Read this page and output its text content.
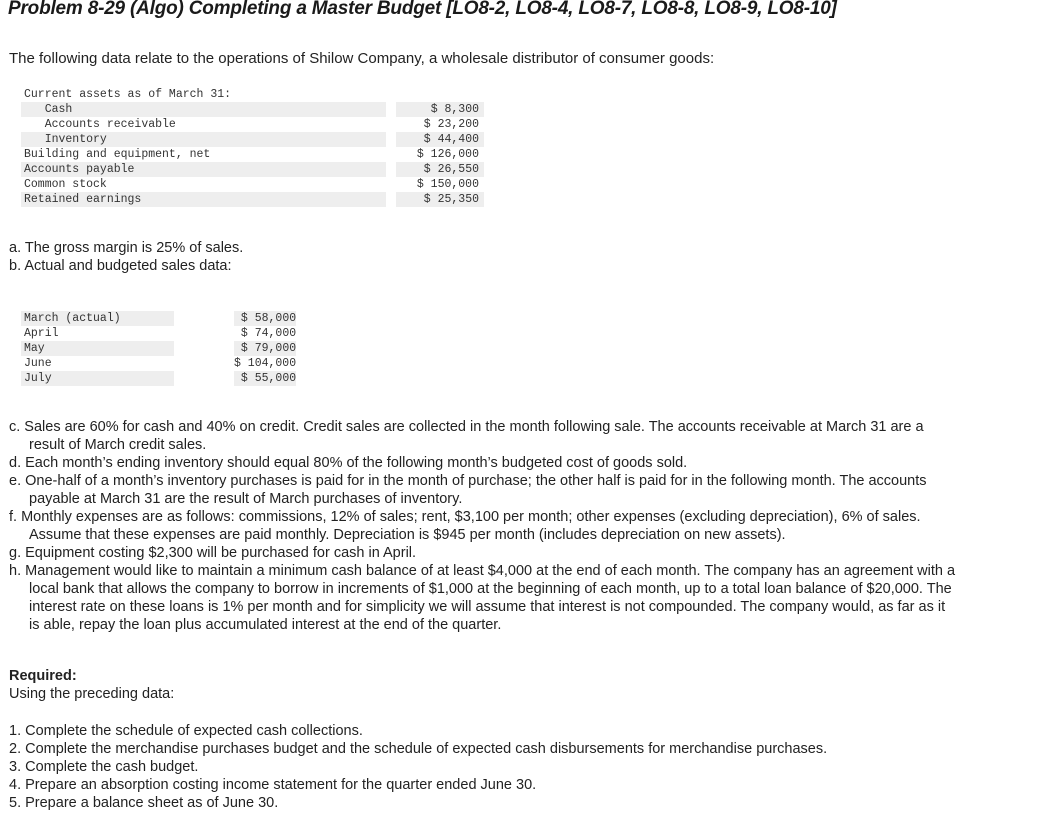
Problem 8-29 (Algo) Completing a Master Budget [LO8-2, LO8-4, LO8-7, LO8-8, LO8-9, LO8-10]
The following data relate to the operations of Shilow Company, a wholesale distributor of consumer goods:
Current assets as of March 31:		
Cash		$ 8,300
Accounts receivable		$ 23,200
Inventory		$ 44,400
Building and equipment, net		$ 126,000
Accounts payable		$ 26,550
Common stock		$ 150,000
Retained earnings		$ 25,350
a. The gross margin is 25% of sales.
b. Actual and budgeted sales data:
March (actual)		$ 58,000
April		$ 74,000
May		$ 79,000
June		$ 104,000
July		$ 55,000
c. Sales are 60% for cash and 40% on credit. Credit sales are collected in the month following sale. The accounts receivable at March 31 are a result of March credit sales.
d. Each month’s ending inventory should equal 80% of the following month’s budgeted cost of goods sold.
e. One-half of a month’s inventory purchases is paid for in the month of purchase; the other half is paid for in the following month. The accounts payable at March 31 are the result of March purchases of inventory.
f. Monthly expenses are as follows: commissions, 12% of sales; rent, $3,100 per month; other expenses (excluding depreciation), 6% of sales. Assume that these expenses are paid monthly. Depreciation is $945 per month (includes depreciation on new assets).
g. Equipment costing $2,300 will be purchased for cash in April.
h. Management would like to maintain a minimum cash balance of at least $4,000 at the end of each month. The company has an agreement with a local bank that allows the company to borrow in increments of $1,000 at the beginning of each month, up to a total loan balance of $20,000. The interest rate on these loans is 1% per month and for simplicity we will assume that interest is not compounded. The company would, as far as it is able, repay the loan plus accumulated interest at the end of the quarter.
Required:
Using the preceding data:
1. Complete the schedule of expected cash collections.
2. Complete the merchandise purchases budget and the schedule of expected cash disbursements for merchandise purchases.
3. Complete the cash budget.
4. Prepare an absorption costing income statement for the quarter ended June 30.
5. Prepare a balance sheet as of June 30.
